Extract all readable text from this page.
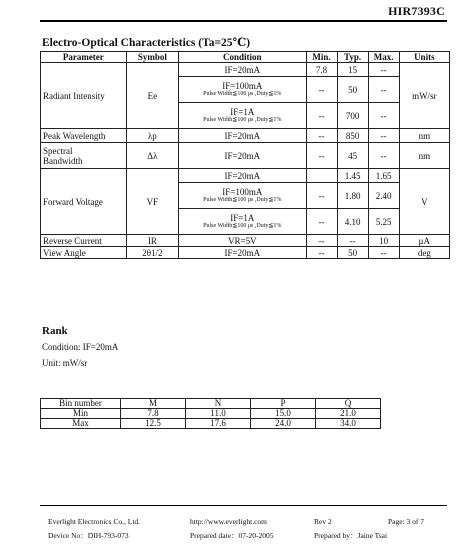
HIR7393C
Electro-Optical Characteristics (Ta=25℃)
Parameter	Symbol	Condition	Min.	Typ.	Max.	Units
Radiant Intensity	Ee	IF=20mA	7.8	15	--	mW/sr
		IF=100mA
Pulse Width≦100 μs ,Duty≦1%	--	50	--	
		IF=1A
Pulse Width≦100 μs ,Duty≦1%	--	700	--	
Peak Wavelength	λp	IF=20mA	--	850	--	nm
Spectral
Bandwidth	Δλ	IF=20mA	--	45	--	nm
Forward Voltage	VF	IF=20mA		1.45	1.65	V
		IF=100mA
Pulse Width≦100 μs ,Duty≦1%	--	1.80	2.40	
		IF=1A
Pulse Width≦100 μs ,Duty≦1%	--	4.10	5.25	
Reverse Current	IR	VR=5V	--	--	10	μA
View Angle	2θ1/2	IF=20mA	--	50	--	deg
Rank
Condition: IF=20mA
Unit: mW/sr
Bin number	M	N	P	Q
Min	7.8	11.0	15.0	21.0
Max	12.5	17.6	24.0	34.0
Everlight Electronics Co., Ltd.	http://www.everlight.com	Rev 2	Page: 3 of 7
Device No：DIH-793-073	Prepared date：07-20-2005	Prepared by：Jaine Tsai
